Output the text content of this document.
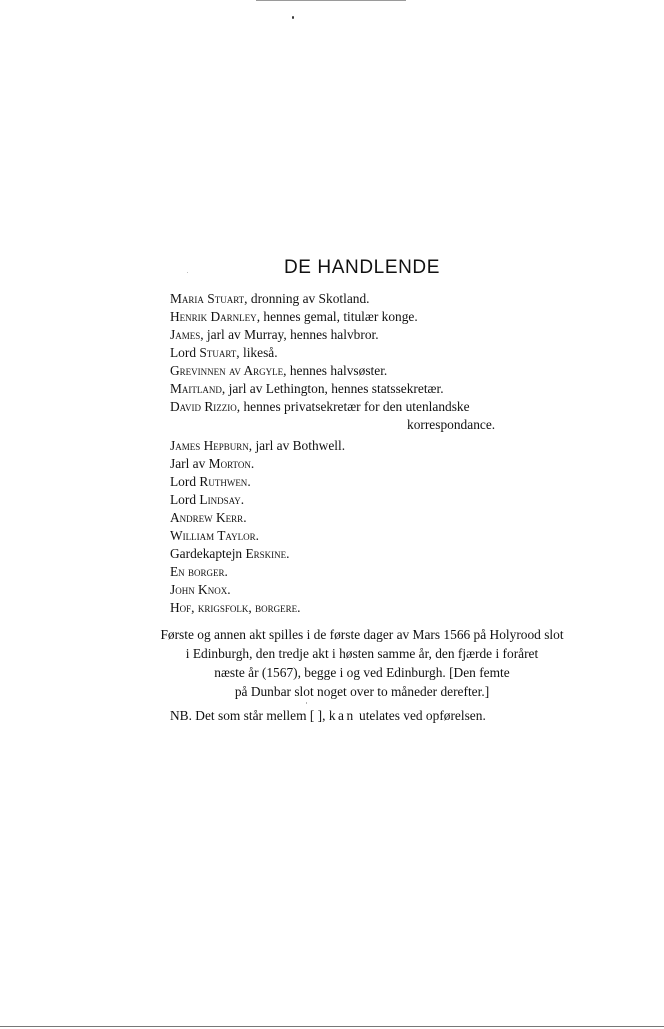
DE HANDLENDE
Maria Stuart, dronning av Skotland.
Henrik Darnley, hennes gemal, titulær konge.
James, jarl av Murray, hennes halvbror.
Lord Stuart, likeså.
Grevinnen av Argyle, hennes halvsøster.
Maitland, jarl av Lethington, hennes statssekretær.
David Rizzio, hennes privatsekretær for den utenlandske
korrespondance.
James Hepburn, jarl av Bothwell.
Jarl av Morton.
Lord Ruthwen.
Lord Lindsay.
Andrew Kerr.
William Taylor.
Gardekaptejn Erskine.
En borger.
John Knox.
Hof, krigsfolk, borgere.
Første og annen akt spilles i de første dager av Mars 1566 på Holyrood slot
i Edinburgh, den tredje akt i høsten samme år, den fjærde i foråret
næste år (1567), begge i og ved Edinburgh. [Den femte
på Dunbar slot noget over to måneder derefter.]
NB. Det som står mellem [ ], kan utelates ved opførelsen.
